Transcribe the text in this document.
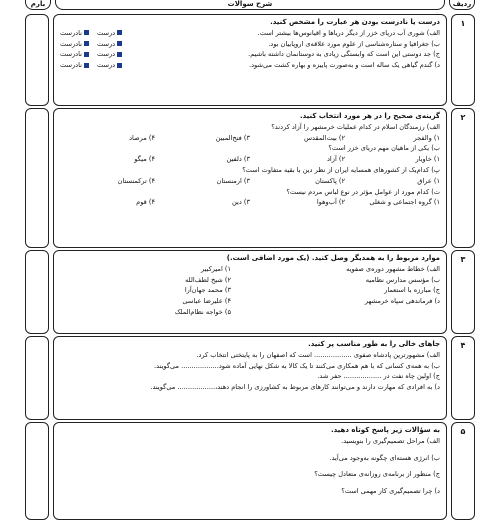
ردیف
شرح سوالات
بارم
۱
درست یا نادرست بودن هر عبارت را مشخص کنید.
الف) شوری آب دریای خزر از دیگر دریاها و اقیانوس‌ها بیشتر است.
درست
نادرست
ب) جغرافیا و ستاره‌شناسی از علوم مورد علاقه‌ی اروپاییان بود.
درست
نادرست
ج) جد دوستی این است که وابستگی زیادی به دوستانمان داشته باشیم.
درست
نادرست
د) گندم گیاهی یک ساله است و به‌صورت پاییزه و بهاره کشت می‌شود.
درست
نادرست
۲
گزینه‌ی صحیح را در هر مورد انتخاب کنید.
الف) رزمندگان اسلام در کدام عملیات خرمشهر را آزاد کردند؟
۱) والفجر
۲) بیت‌المقدس
۳) فتح‌المبین
۴) مرصاد
ب) یکی از ماهیان مهم دریای خزر است؟
۱) خاویار
۲) آزاد
۳) دلفین
۴) میگو
پ) کدام‌یک از کشورهای همسایه ایران از نظر دین با بقیه متفاوت است؟
۱) عراق
۲) پاکستان
۳) ارمنستان
۴) ترکمنستان
ت) کدام مورد از عوامل مؤثر در نوع لباس مردم نیست؟
۱) گروه اجتماعی و شغلی
۲) آب‌وهوا
۳) دین
۴) قوم
۳
موارد مربوط را به همدیگر وصل کنید. (یک مورد اضافی است.)
الف) خطاط مشهور دوره‌ی صفویه
۱) امیرکبیر
ب) مؤسس مدارس نظامیه
۲) شیخ لطف‌الله
ج) مبارزه با استعمار
۳) محمد جهان‌آرا
د) فرماندهی سپاه خرمشهر
۴) علیرضا عباسی
۵) خواجه نظام‌الملک
۴
جاهای خالی را به طور مناسب پر کنید.
الف) مشهورترین پادشاه صفوی .................. است که اصفهان را به پایتختی انتخاب کرد.
ب) به همه‌ی کسانی که با هم همکاری می‌کنند تا یک کالا به شکل نهایی آماده شود.................. می‌گویند.
ج) اولین چاه نفت در .................. حفر شد.
د) به افرادی که مهارت دارند و می‌توانند کارهای مربوط به کشاورزی را انجام دهند،.................. می‌گویند.
۵
به سؤالات زیر پاسخ کوتاه دهید.
الف) مراحل تصمیم‌گیری را بنویسید.
ب) انرژی هسته‌ای چگونه به‌وجود می‌آید.
ج) منظور از برنامه‌ی روزانه‌ی متعادل چیست؟
د) چرا تصمیم‌گیری کار مهمی است؟
